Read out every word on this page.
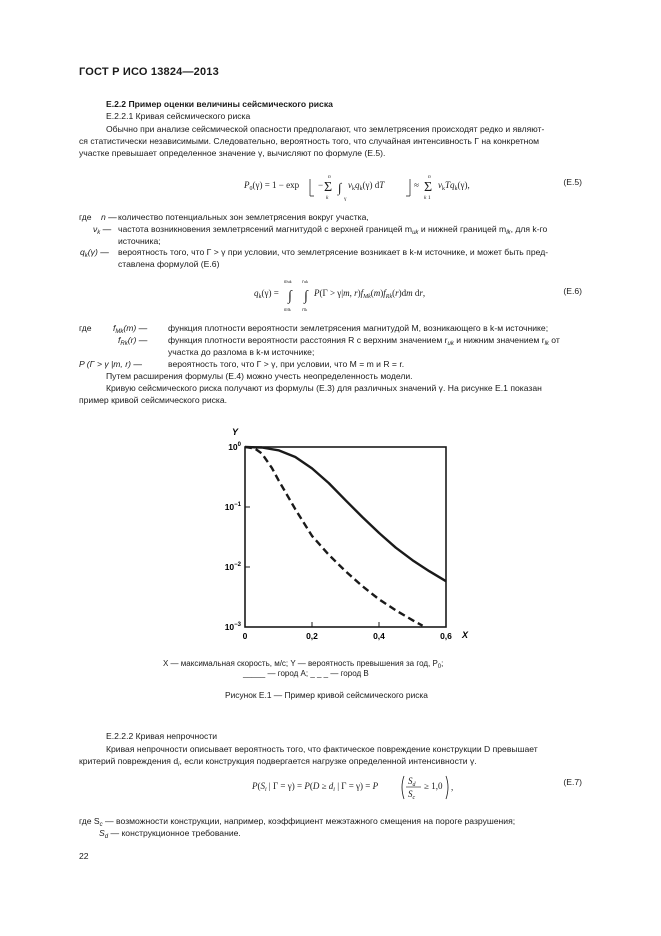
ГОСТ Р ИСО 13824—2013
E.2.2 Пример оценки величины сейсмического риска
E.2.2.1 Кривая сейсмического риска
Обычно при анализе сейсмической опасности предполагают, что землетрясения происходят редко и являют-
ся статистически независимыми. Следовательно, вероятность того, что случайная интенсивность Γ на конкретном
участке превышает определенное значение γ, вычисляют по формуле (E.5).
$P_0(\gamma) = 1 - \exp - \Sigma$
n
k
∫
γ
$\nu_kq_k(\gamma)$ dT	≈ Σ
n
k 1
$\nu_kTq_k(\gamma)$,	(E.5)
где n — количество потенциальных зон землетрясения вокруг участка,
$\nu_k$ — частота возникновения землетрясений магнитудой с верхней границей $m_{uk}$ и нижней границей $m_{lk}$, для k-го
источника;
$q_k(\gamma)$ — вероятность того, что Γ > γ при условии, что землетрясение возникает в k-м источнике, и может быть пред-
ставлена формулой (E.6)
$q_k(\gamma)$ = ∫ ∫
muk ruk
mlk rlk
P(Γ > γ|m, $r)f_{Mk}(m)f_{Rk}(r)dm$ dr,	(E.6)
где $f_{Mk}(m)$ — функция плотности вероятности землетрясения магнитудой M, возникающего в k-м источнике;
$f_{Rk}(r)$ — функция плотности вероятности расстояния R с верхним значением $r_{uk}$ и нижним значением $r_{lk}$ от
участка до разлома в k-м источнике;
P (Γ > γ |m, r) —	вероятность того, что Γ > γ, при условии, что M = m и R = r.
Путем расширения формулы (E.4) можно учесть неопределенность модели.
Кривую сейсмического риска получают из формулы (E.3) для различных значений γ. На рисунке E.1 показан
пример кривой сейсмического риска.
$10^0$
$10^{-1}$
$10^{-2}$
$10^{-3}$
0	0,2	0,4	0,6
Y
X
X — максимальная скорость, м/с; Y — вероятность превышения за год, $P_0$;
_____ — город A; _ _ _ — город B
Рисунок E.1 — Пример кривой сейсмического риска
E.2.2.2 Кривая непрочности
Кривая непрочности описывает вероятность того, что фактическое повреждение конструкции D превышает
критерий повреждения $d_i$, если конструкция подвергается нагрузке определенной интенсивности γ.
$P(S_i$ | $\Gamma = \gamma) = P(D \ge d_i$ | Γ = γ) = P	$S_d$
$S_c$
≥ 1,0 ,	(E.7)
где $S_c$ — возможности конструкции, например, коэффициент межэтажного смещения на пороге разрушения;
$S_d$ — конструкционное требование.
22
